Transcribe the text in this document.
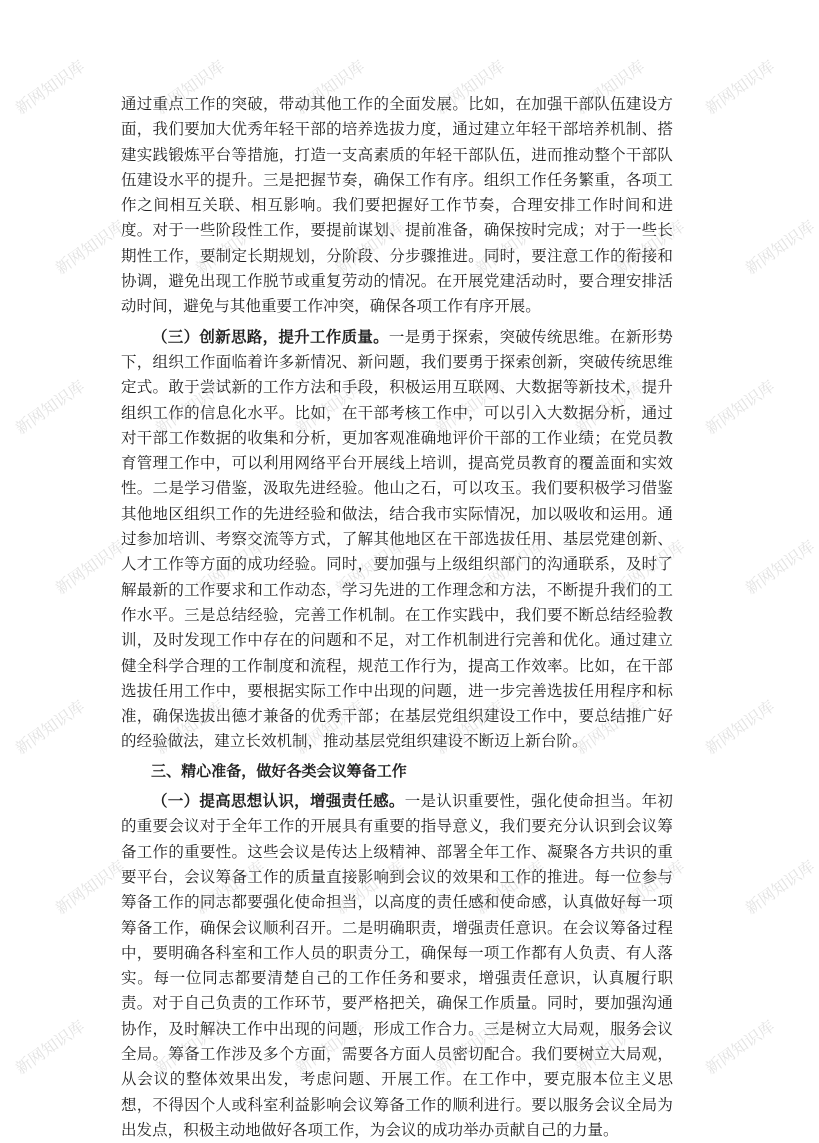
通过重点工作的突破，带动其他工作的全面发展。比如，在加强干部队伍建设方面，我们要加大优秀年轻干部的培养选拔力度，通过建立年轻干部培养机制、搭建实践锻炼平台等措施，打造一支高素质的年轻干部队伍，进而推动整个干部队伍建设水平的提升。三是把握节奏，确保工作有序。组织工作任务繁重，各项工作之间相互关联、相互影响。我们要把握好工作节奏，合理安排工作时间和进度。对于一些阶段性工作，要提前谋划、提前准备，确保按时完成；对于一些长期性工作，要制定长期规划，分阶段、分步骤推进。同时，要注意工作的衔接和协调，避免出现工作脱节或重复劳动的情况。在开展党建活动时，要合理安排活动时间，避免与其他重要工作冲突，确保各项工作有序开展。

（三）创新思路，提升工作质量。一是勇于探索，突破传统思维。在新形势下，组织工作面临着许多新情况、新问题，我们要勇于探索创新，突破传统思维定式。敢于尝试新的工作方法和手段，积极运用互联网、大数据等新技术，提升组织工作的信息化水平。比如，在干部考核工作中，可以引入大数据分析，通过对干部工作数据的收集和分析，更加客观准确地评价干部的工作业绩；在党员教育管理工作中，可以利用网络平台开展线上培训，提高党员教育的覆盖面和实效性。二是学习借鉴，汲取先进经验。他山之石，可以攻玉。我们要积极学习借鉴其他地区组织工作的先进经验和做法，结合我市实际情况，加以吸收和运用。通过参加培训、考察交流等方式，了解其他地区在干部选拔任用、基层党建创新、人才工作等方面的成功经验。同时，要加强与上级组织部门的沟通联系，及时了解最新的工作要求和工作动态，学习先进的工作理念和方法，不断提升我们的工作水平。三是总结经验，完善工作机制。在工作实践中，我们要不断总结经验教训，及时发现工作中存在的问题和不足，对工作机制进行完善和优化。通过建立健全科学合理的工作制度和流程，规范工作行为，提高工作效率。比如，在干部选拔任用工作中，要根据实际工作中出现的问题，进一步完善选拔任用程序和标准，确保选拔出德才兼备的优秀干部；在基层党组织建设工作中，要总结推广好的经验做法，建立长效机制，推动基层党组织建设不断迈上新台阶。

三、精心准备，做好各类会议筹备工作

（一）提高思想认识，增强责任感。一是认识重要性，强化使命担当。年初的重要会议对于全年工作的开展具有重要的指导意义，我们要充分认识到会议筹备工作的重要性。这些会议是传达上级精神、部署全年工作、凝聚各方共识的重要平台，会议筹备工作的质量直接影响到会议的效果和工作的推进。每一位参与筹备工作的同志都要强化使命担当，以高度的责任感和使命感，认真做好每一项筹备工作，确保会议顺利召开。二是明确职责，增强责任意识。在会议筹备过程中，要明确各科室和工作人员的职责分工，确保每一项工作都有人负责、有人落实。每一位同志都要清楚自己的工作任务和要求，增强责任意识，认真履行职责。对于自己负责的工作环节，要严格把关，确保工作质量。同时，要加强沟通协作，及时解决工作中出现的问题，形成工作合力。三是树立大局观，服务会议全局。筹备工作涉及多个方面，需要各方面人员密切配合。我们要树立大局观，从会议的整体效果出发，考虑问题、开展工作。在工作中，要克服本位主义思想，不得因个人或科室利益影响会议筹备工作的顺利进行。要以服务会议全局为出发点，积极主动地做好各项工作，为会议的成功举办贡献自己的力量。

新网知识库	新网知识库	新网知识库	新网知识库	新网知识库	新网知识库
新网知识库	新网知识库	新网知识库	新网知识库	新网知识库	新网知识库
新网知识库	新网知识库	新网知识库	新网知识库	新网知识库	新网知识库
新网知识库	新网知识库	新网知识库	新网知识库	新网知识库	新网知识库
新网知识库	新网知识库	新网知识库	新网知识库	新网知识库	新网知识库
新网知识库	新网知识库	新网知识库	新网知识库	新网知识库	新网知识库
新网知识库	新网知识库	新网知识库	新网知识库	新网知识库	新网知识库
